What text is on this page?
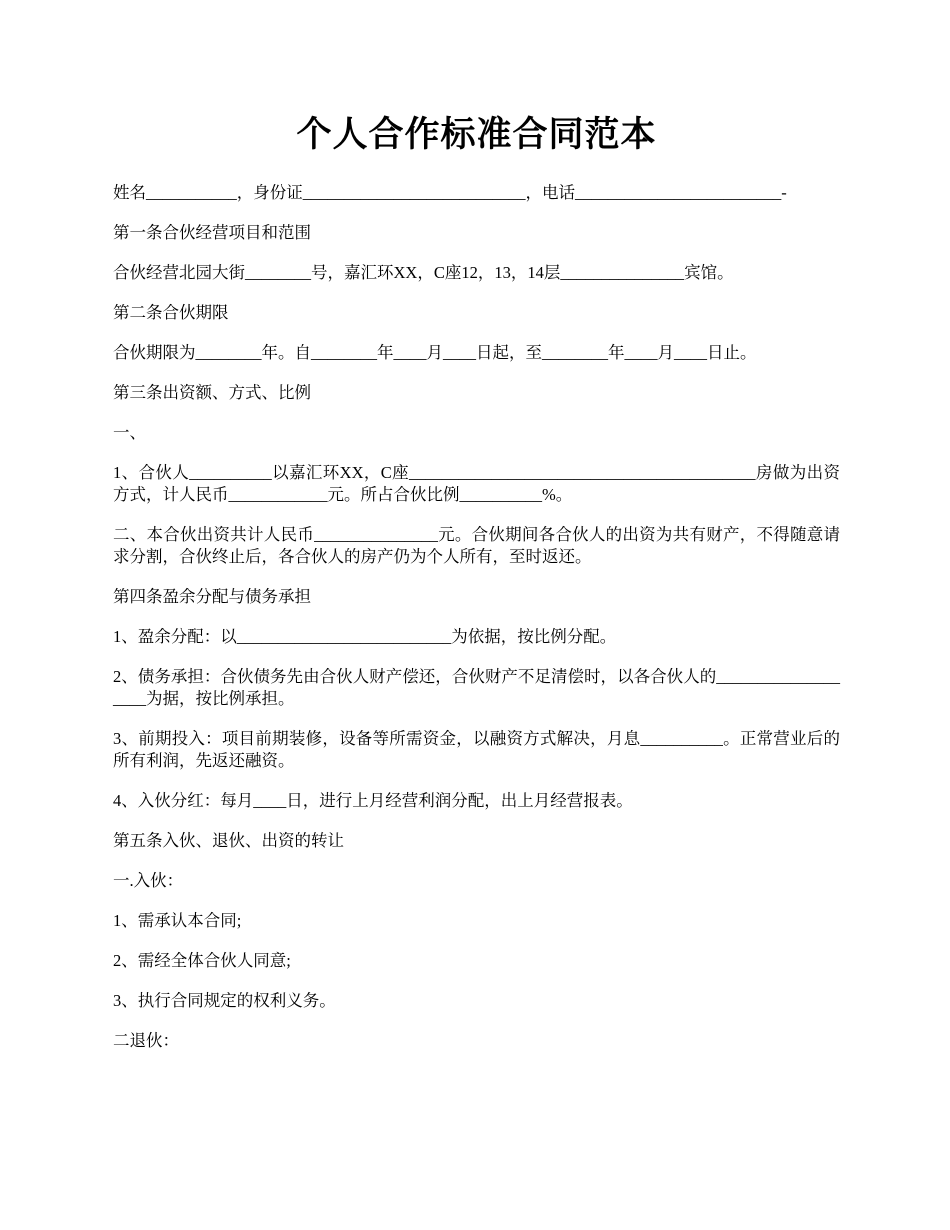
个人合作标准合同范本

姓名___________，身份证___________________________，电话_________________________-

第一条合伙经营项目和范围

合伙经营北园大街________号，嘉汇环XX，C座12，13，14层_______________宾馆。

第二条合伙期限

合伙期限为________年。自________年____月____日起，至________年____月____日止。

第三条出资额、方式、比例

一、

1、合伙人__________以嘉汇环XX，C座__________________________________________房做为出资方式，计人民币____________元。所占合伙比例__________%。

二、本合伙出资共计人民币_______________元。合伙期间各合伙人的出资为共有财产，不得随意请求分割，合伙终止后，各合伙人的房产仍为个人所有，至时返还。

第四条盈余分配与债务承担

1、盈余分配：以__________________________为依据，按比例分配。

2、债务承担：合伙债务先由合伙人财产偿还，合伙财产不足清偿时，以各合伙人的___________________为据，按比例承担。

3、前期投入：项目前期装修，设备等所需资金，以融资方式解决，月息__________。正常营业后的所有利润，先返还融资。

4、入伙分红：每月____日，进行上月经营利润分配，出上月经营报表。

第五条入伙、退伙、出资的转让

一.入伙：

1、需承认本合同;

2、需经全体合伙人同意;

3、执行合同规定的权利义务。

二退伙：
